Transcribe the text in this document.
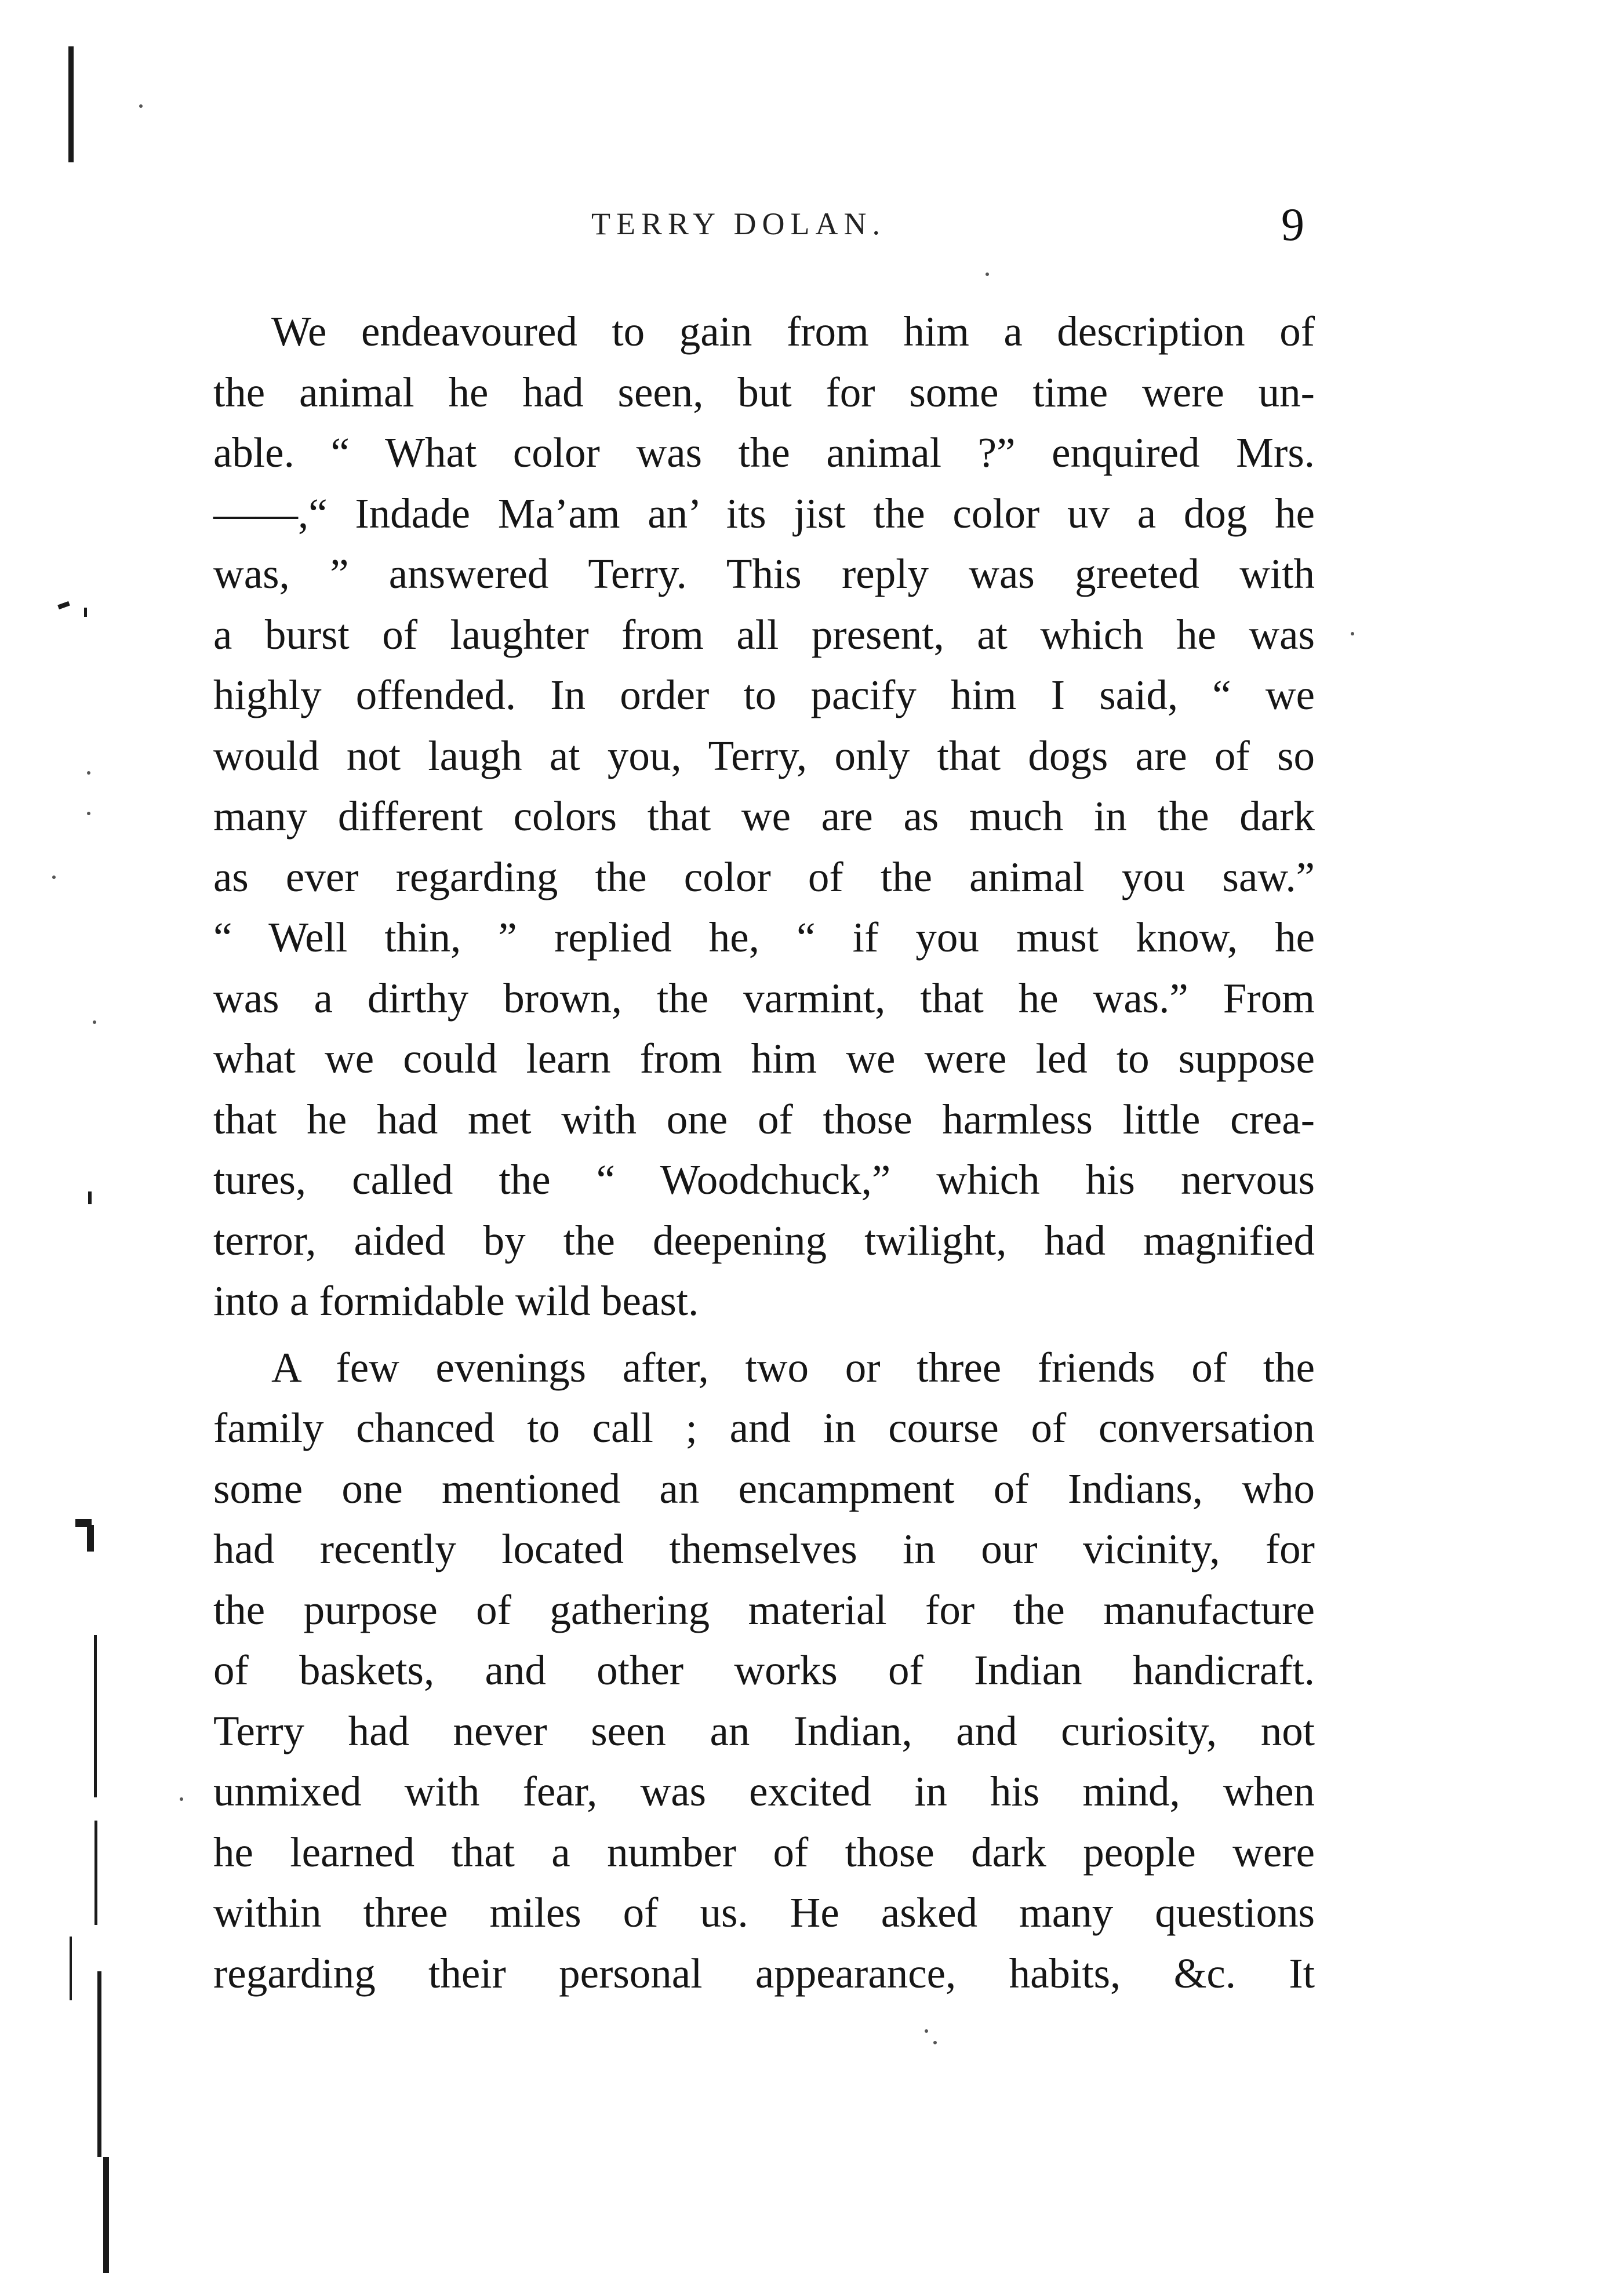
TERRY DOLAN.	9
We endeavoured to gain from him a description of
the animal he had seen, but for some time were un-
able. “ What color was the animal ?” enquired Mrs.
——,“ Indade Ma’am an’ its jist the color uv a dog he
was, ” answered Terry. This reply was greeted with
a burst of laughter from all present, at which he was
highly offended. In order to pacify him I said, “ we
would not laugh at you, Terry, only that dogs are of so
many different colors that we are as much in the dark
as ever regarding the color of the animal you saw.”
“ Well thin, ” replied he, “ if you must know, he
was a dirthy brown, the varmint, that he was.” From
what we could learn from him we were led to suppose
that he had met with one of those harmless little crea-
tures, called the “ Woodchuck,” which his nervous
terror, aided by the deepening twilight, had magnified
into a formidable wild beast.
A few evenings after, two or three friends of the
family chanced to call ; and in course of conversation
some one mentioned an encampment of Indians, who
had recently located themselves in our vicinity, for
the purpose of gathering material for the manufacture
of baskets, and other works of Indian handicraft.
Terry had never seen an Indian, and curiosity, not
unmixed with fear, was excited in his mind, when
he learned that a number of those dark people were
within three miles of us. He asked many questions
regarding their personal appearance, habits, &c. It
